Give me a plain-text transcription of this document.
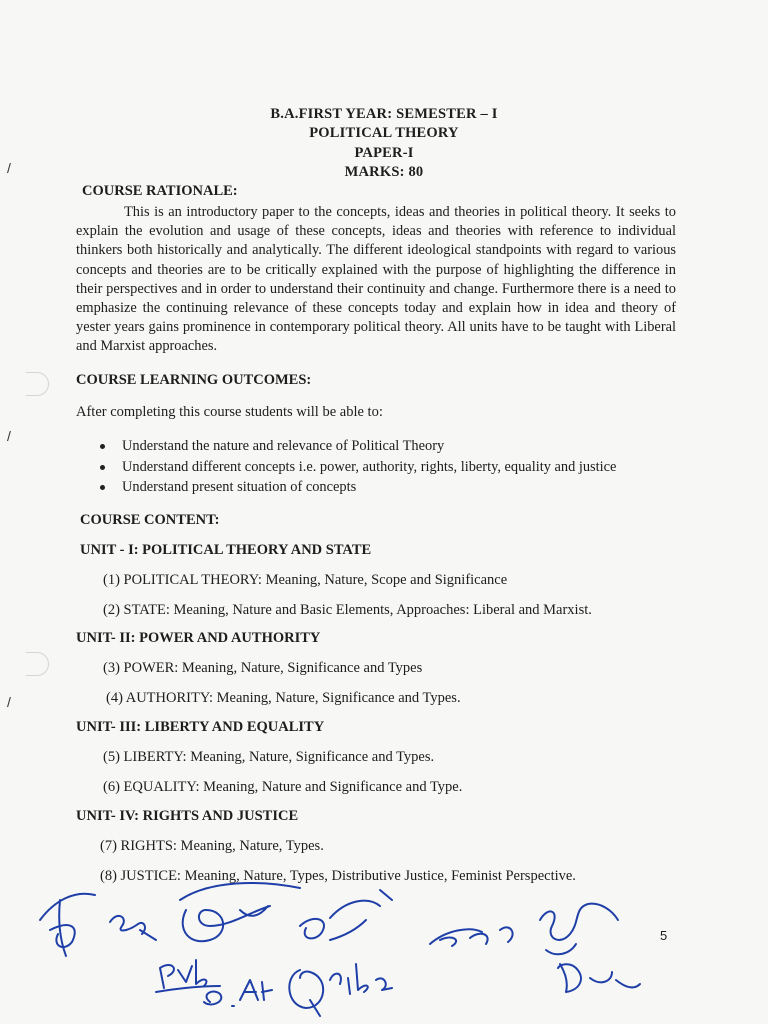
/
/
/
B.A.FIRST YEAR: SEMESTER – I
POLITICAL THEORY
PAPER-I
MARKS: 80
COURSE RATIONALE:
This is an introductory paper to the concepts, ideas and theories in political theory. It seeks to explain the evolution and usage of these concepts, ideas and theories with reference to individual thinkers both historically and analytically. The different ideological standpoints with regard to various concepts and theories are to be critically explained with the purpose of highlighting the difference in their perspectives and in order to understand their continuity and change. Furthermore there is a need to emphasize the continuing relevance of these concepts today and explain how in idea and theory of yester years gains prominence in contemporary political theory. All units have to be taught with Liberal and Marxist approaches.
COURSE LEARNING OUTCOMES:
After completing this course students will be able to:
Understand the nature and relevance of Political Theory
Understand different concepts i.e. power, authority, rights, liberty, equality and justice
Understand present situation of concepts
COURSE CONTENT:
UNIT - I: POLITICAL THEORY AND STATE
(1) POLITICAL THEORY: Meaning, Nature, Scope and Significance
(2) STATE: Meaning, Nature and Basic Elements, Approaches: Liberal and Marxist.
UNIT- II: POWER AND AUTHORITY
(3) POWER: Meaning, Nature, Significance and Types
(4) AUTHORITY: Meaning, Nature, Significance and Types.
UNIT- III: LIBERTY AND EQUALITY
(5) LIBERTY: Meaning, Nature, Significance and Types.
(6) EQUALITY: Meaning, Nature and Significance and Type.
UNIT- IV: RIGHTS AND JUSTICE
(7) RIGHTS: Meaning, Nature, Types.
(8) JUSTICE: Meaning, Nature, Types, Distributive Justice, Feminist Perspective.
5
